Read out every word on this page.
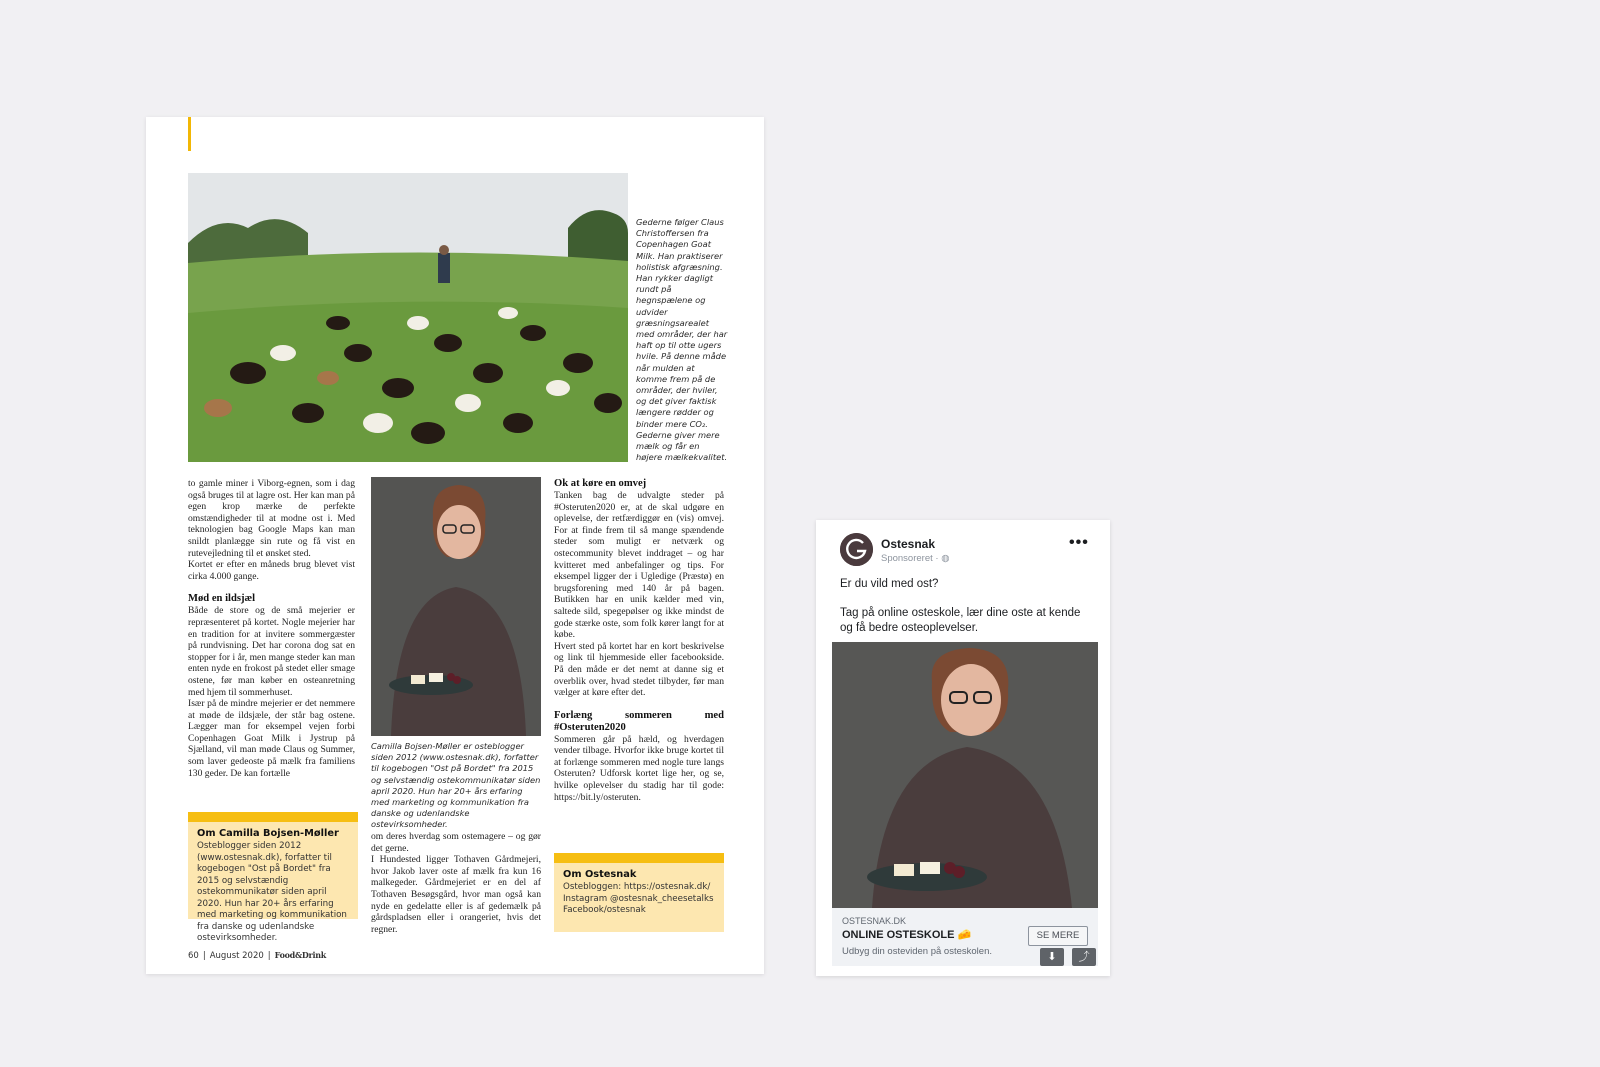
Gederne følger Claus Christoffersen fra Copenhagen Goat Milk. Han praktiserer holistisk afgræsning. Han rykker dagligt rundt på hegnspælene og udvider græsningsarealet med områder, der har haft op til otte ugers hvile. På denne måde når mulden at komme frem på de områder, der hviler, og det giver faktisk længere rødder og binder mere CO₂. Gederne giver mere mælk og får en højere mælkekvalitet.

to gamle miner i Viborg-egnen, som i dag også bruges til at lagre ost. Her kan man på egen krop mærke de perfekte omstændigheder til at modne ost i. Med teknologien bag Google Maps kan man snildt planlægge sin rute og få vist en rutevejledning til et ønsket sted.

Kortet er efter en måneds brug blevet vist cirka 4.000 gange.

Mød en ildsjæl

Både de store og de små mejerier er repræsenteret på kortet. Nogle mejerier har en tradition for at invitere sommergæster på rundvisning. Det har corona dog sat en stopper for i år, men mange steder kan man enten nyde en frokost på stedet eller smage ostene, før man køber en osteanretning med hjem til sommerhuset.

Især på de mindre mejerier er det nemmere at møde de ildsjæle, der står bag ostene. Lægger man for eksempel vejen forbi Copenhagen Goat Milk i Jystrup på Sjælland, vil man møde Claus og Summer, som laver gedeoste på mælk fra familiens 130 geder. De kan fortælle

Camilla Bojsen-Møller er osteblogger siden 2012 (www.ostesnak.dk), forfatter til kogebogen "Ost på Bordet" fra 2015 og selvstændig ostekommunikatør siden april 2020. Hun har 20+ års erfaring med marketing og kommunikation fra danske og udenlandske ostevirksomheder.

om deres hverdag som ostemagere – og gør det gerne.

I Hundested ligger Tothaven Gårdmejeri, hvor Jakob laver oste af mælk fra kun 16 malkegeder. Gårdmejeriet er en del af Tothaven Besøgsgård, hvor man også kan nyde en gedelatte eller is af gedemælk på gårdspladsen eller i orangeriet, hvis det regner.

Ok at køre en omvej

Tanken bag de udvalgte steder på #Osteruten2020 er, at de skal udgøre en oplevelse, der retfærdiggør en (vis) omvej. For at finde frem til så mange spændende steder som muligt er netværk og ostecommunity blevet inddraget – og har kvitteret med anbefalinger og tips. For eksempel ligger der i Ugledige (Præstø) en brugsforening med 140 år på bagen. Butikken har en unik kælder med vin, saltede sild, spegepølser og ikke mindst de gode stærke oste, som folk kører langt for at købe.

Hvert sted på kortet har en kort beskrivelse og link til hjemmeside eller facebookside. På den måde er det nemt at danne sig et overblik over, hvad stedet tilbyder, før man vælger at køre efter det.

Forlæng sommeren med #Osteruten2020

Sommeren går på hæld, og hverdagen vender tilbage. Hvorfor ikke bruge kortet til at forlænge sommeren med nogle ture langs Osteruten? Udforsk kortet lige her, og se, hvilke oplevelser du stadig har til gode: https://bit.ly/osteruten.

Om Camilla Bojsen-Møller

Osteblogger siden 2012 (www.ostesnak.dk), forfatter til kogebogen "Ost på Bordet" fra 2015 og selvstændig ostekommunikatør siden april 2020. Hun har 20+ års erfaring med marketing og kommunikation fra danske og udenlandske ostevirksomheder.

Om Ostesnak

Ostebloggen: https://ostesnak.dk/

Instagram @ostesnak_cheesetalks

Facebook/ostesnak

60 | August 2020 | Food&Drink
Ostesnak
Sponsoreret · ◍
•••
Er du vild med ost?
Tag på online osteskole, lær dine oste at kende og få bedre osteoplevelser.
OSTESNAK.DK
ONLINE OSTESKOLE 🧀
Udbyg din osteviden på osteskolen.
SE MERE
⬇	⤴
